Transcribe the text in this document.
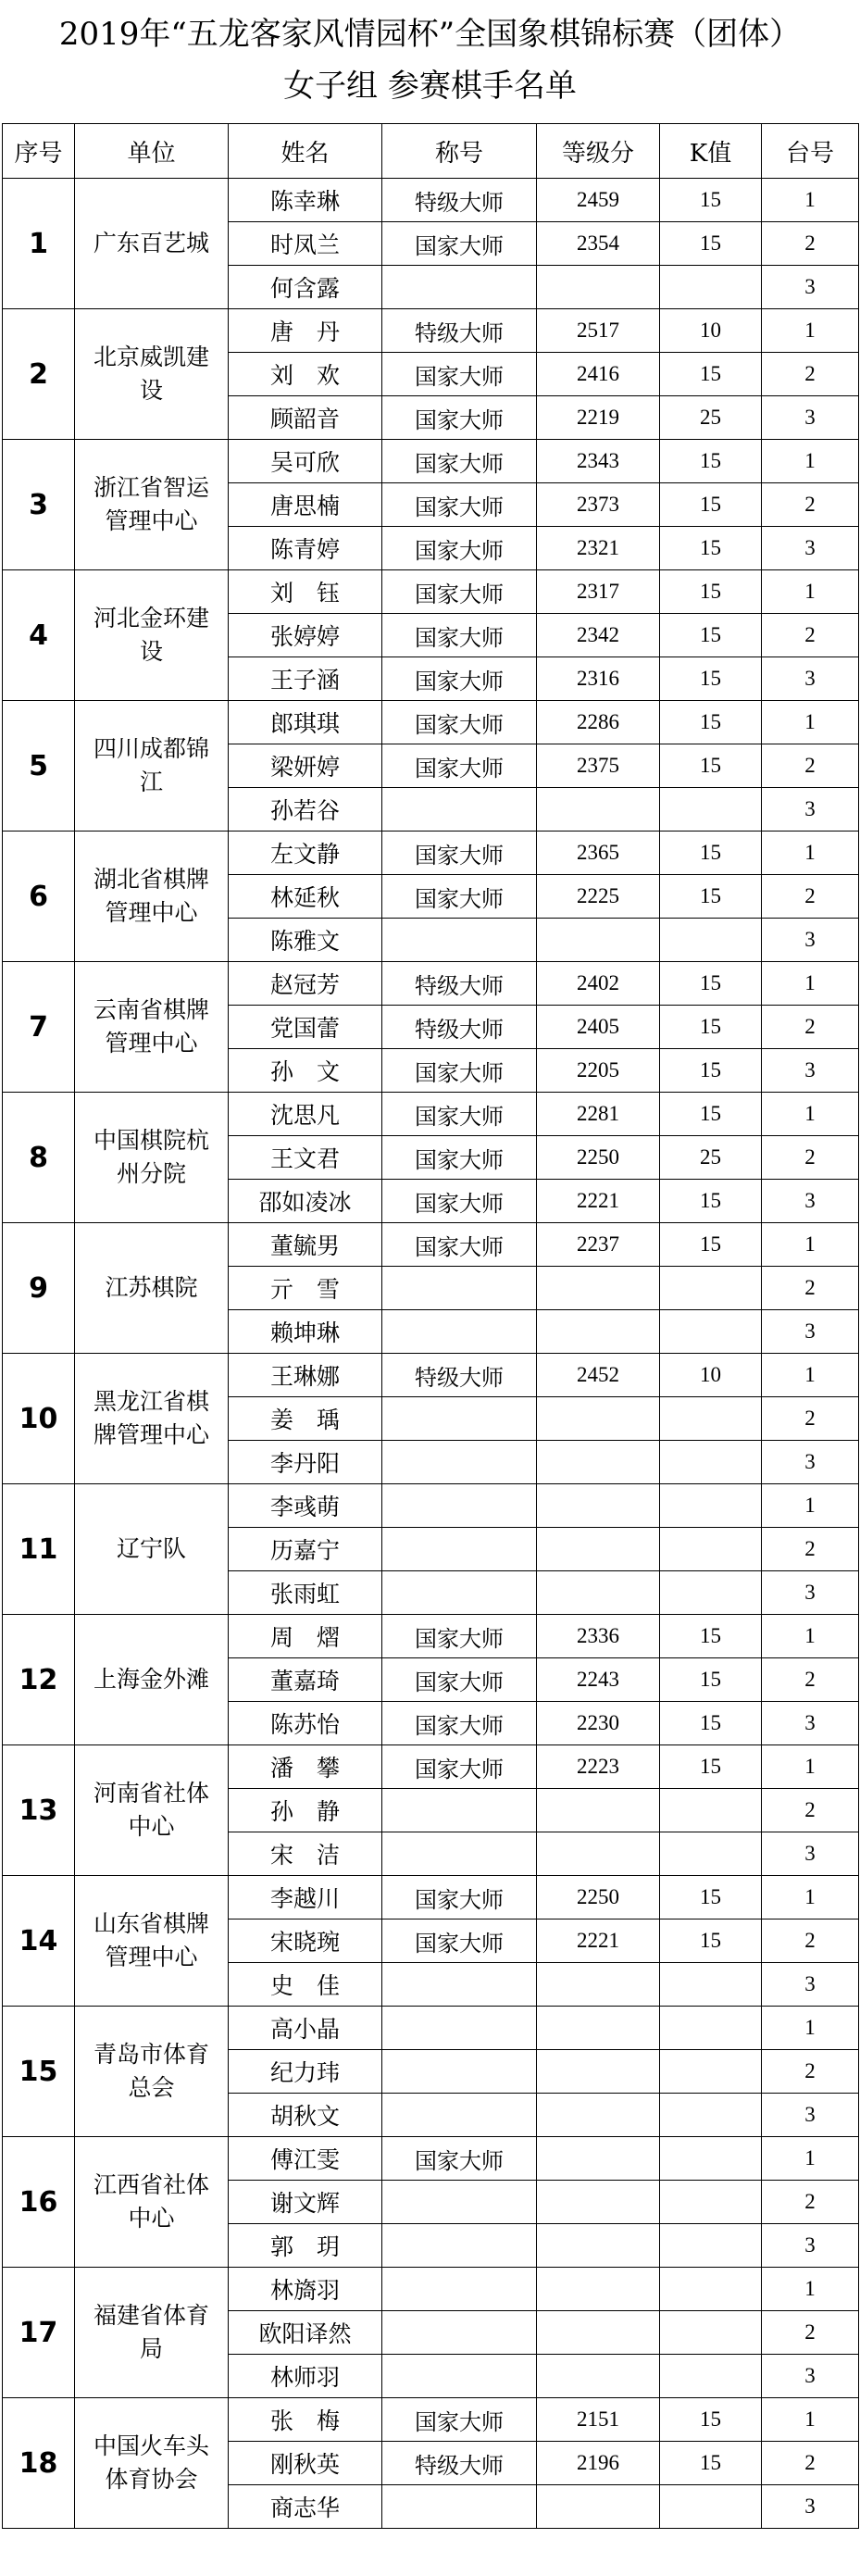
2019年“五龙客家风情园杯”全国象棋锦标赛（团体）
女子组 参赛棋手名单
序号	单位	姓名	称号	等级分	K值	台号
1	广东百艺城	陈幸琳	特级大师	2459	15	1
		时凤兰	国家大师	2354	15	2
		何含露				3
2	北京威凯建设	唐　丹	特级大师	2517	10	1
		刘　欢	国家大师	2416	15	2
		顾韶音	国家大师	2219	25	3
3	浙江省智运管理中心	吴可欣	国家大师	2343	15	1
		唐思楠	国家大师	2373	15	2
		陈青婷	国家大师	2321	15	3
4	河北金环建设	刘　钰	国家大师	2317	15	1
		张婷婷	国家大师	2342	15	2
		王子涵	国家大师	2316	15	3
5	四川成都锦江	郎琪琪	国家大师	2286	15	1
		梁妍婷	国家大师	2375	15	2
		孙若谷				3
6	湖北省棋牌管理中心	左文静	国家大师	2365	15	1
		林延秋	国家大师	2225	15	2
		陈雅文				3
7	云南省棋牌管理中心	赵冠芳	特级大师	2402	15	1
		党国蕾	特级大师	2405	15	2
		孙　文	国家大师	2205	15	3
8	中国棋院杭州分院	沈思凡	国家大师	2281	15	1
		王文君	国家大师	2250	25	2
		邵如凌冰	国家大师	2221	15	3
9	江苏棋院	董毓男	国家大师	2237	15	1
		亓　雪				2
		赖坤琳				3
10	黑龙江省棋牌管理中心	王琳娜	特级大师	2452	10	1
		姜　瑀				2
		李丹阳				3
11	辽宁队	李彧萌				1
		历嘉宁				2
		张雨虹				3
12	上海金外滩	周　熠	国家大师	2336	15	1
		董嘉琦	国家大师	2243	15	2
		陈苏怡	国家大师	2230	15	3
13	河南省社体中心	潘　攀	国家大师	2223	15	1
		孙　静				2
		宋　洁				3
14	山东省棋牌管理中心	李越川	国家大师	2250	15	1
		宋晓琬	国家大师	2221	15	2
		史　佳				3
15	青岛市体育总会	高小晶				1
		纪力玮				2
		胡秋文				3
16	江西省社体中心	傅江雯	国家大师			1
		谢文辉				2
		郭　玥				3
17	福建省体育局	林旖羽				1
		欧阳译然				2
		林师羽				3
18	中国火车头体育协会	张　梅	国家大师	2151	15	1
		刚秋英	特级大师	2196	15	2
		商志华				3
